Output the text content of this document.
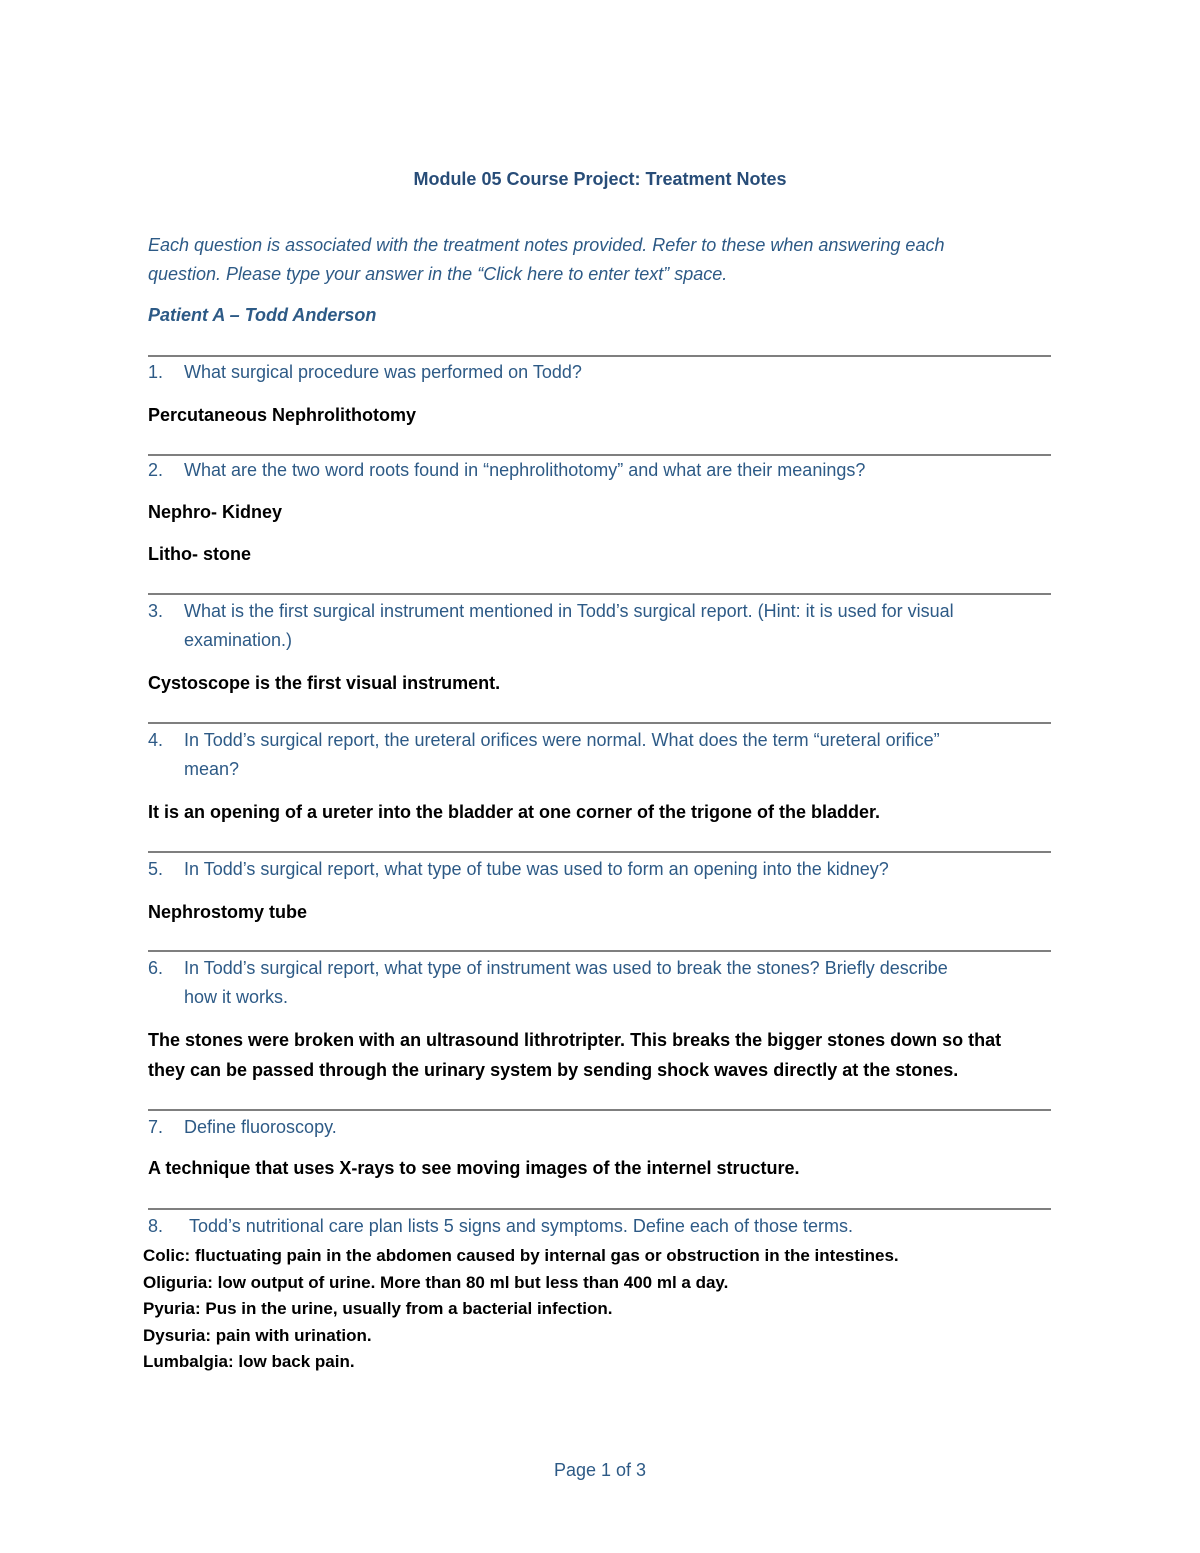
Module 05 Course Project: Treatment Notes
Each question is associated with the treatment notes provided. Refer to these when answering each
question. Please type your answer in the “Click here to enter text” space.
Patient A – Todd Anderson
1. What surgical procedure was performed on Todd?
Percutaneous Nephrolithotomy
2. What are the two word roots found in “nephrolithotomy” and what are their meanings?
Nephro- Kidney
Litho- stone
3. What is the first surgical instrument mentioned in Todd’s surgical report. (Hint: it is used for visual
examination.)
Cystoscope is the first visual instrument.
4. In Todd’s surgical report, the ureteral orifices were normal. What does the term “ureteral orifice”
mean?
It is an opening of a ureter into the bladder at one corner of the trigone of the bladder.
5. In Todd’s surgical report, what type of tube was used to form an opening into the kidney?
Nephrostomy tube
6. In Todd’s surgical report, what type of instrument was used to break the stones? Briefly describe
how it works.
The stones were broken with an ultrasound lithrotripter. This breaks the bigger stones down so that
they can be passed through the urinary system by sending shock waves directly at the stones.
7. Define fluoroscopy.
A technique that uses X-rays to see moving images of the internel structure.
8. Todd’s nutritional care plan lists 5 signs and symptoms. Define each of those terms.
Colic: fluctuating pain in the abdomen caused by internal gas or obstruction in the intestines.
Oliguria: low output of urine. More than 80 ml but less than 400 ml a day.
Pyuria: Pus in the urine, usually from a bacterial infection.
Dysuria: pain with urination.
Lumbalgia: low back pain.
Page 1 of 3
